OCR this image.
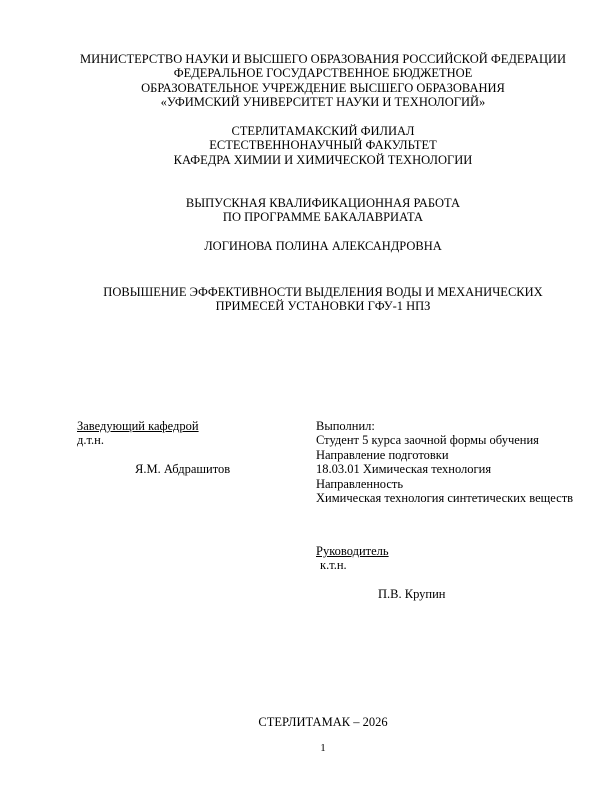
МИНИСТЕРСТВО НАУКИ И ВЫСШЕГО ОБРАЗОВАНИЯ РОССИЙСКОЙ ФЕДЕРАЦИИ
ФЕДЕРАЛЬНОЕ ГОСУДАРСТВЕННОЕ БЮДЖЕТНОЕ
ОБРАЗОВАТЕЛЬНОЕ УЧРЕЖДЕНИЕ ВЫСШЕГО ОБРАЗОВАНИЯ
«УФИМСКИЙ УНИВЕРСИТЕТ НАУКИ И ТЕХНОЛОГИЙ»
СТЕРЛИТАМАКСКИЙ ФИЛИАЛ
ЕСТЕСТВЕННОНАУЧНЫЙ ФАКУЛЬТЕТ
КАФЕДРА ХИМИИ И ХИМИЧЕСКОЙ ТЕХНОЛОГИИ
ВЫПУСКНАЯ КВАЛИФИКАЦИОННАЯ РАБОТА
ПО ПРОГРАММЕ БАКАЛАВРИАТА
ЛОГИНОВА ПОЛИНА АЛЕКСАНДРОВНА
ПОВЫШЕНИЕ ЭФФЕКТИВНОСТИ ВЫДЕЛЕНИЯ ВОДЫ И МЕХАНИЧЕСКИХ
ПРИМЕСЕЙ УСТАНОВКИ ГФУ-1 НПЗ
Заведующий кафедрой
д.т.н.
Я.М. Абдрашитов
Выполнил:
Студент 5 курса заочной формы обучения
Направление подготовки
18.03.01 Химическая технология
Направленность
Химическая технология синтетических веществ
Руководитель
к.т.н.
П.В. Крупин
СТЕРЛИТАМАК – 2026
1
